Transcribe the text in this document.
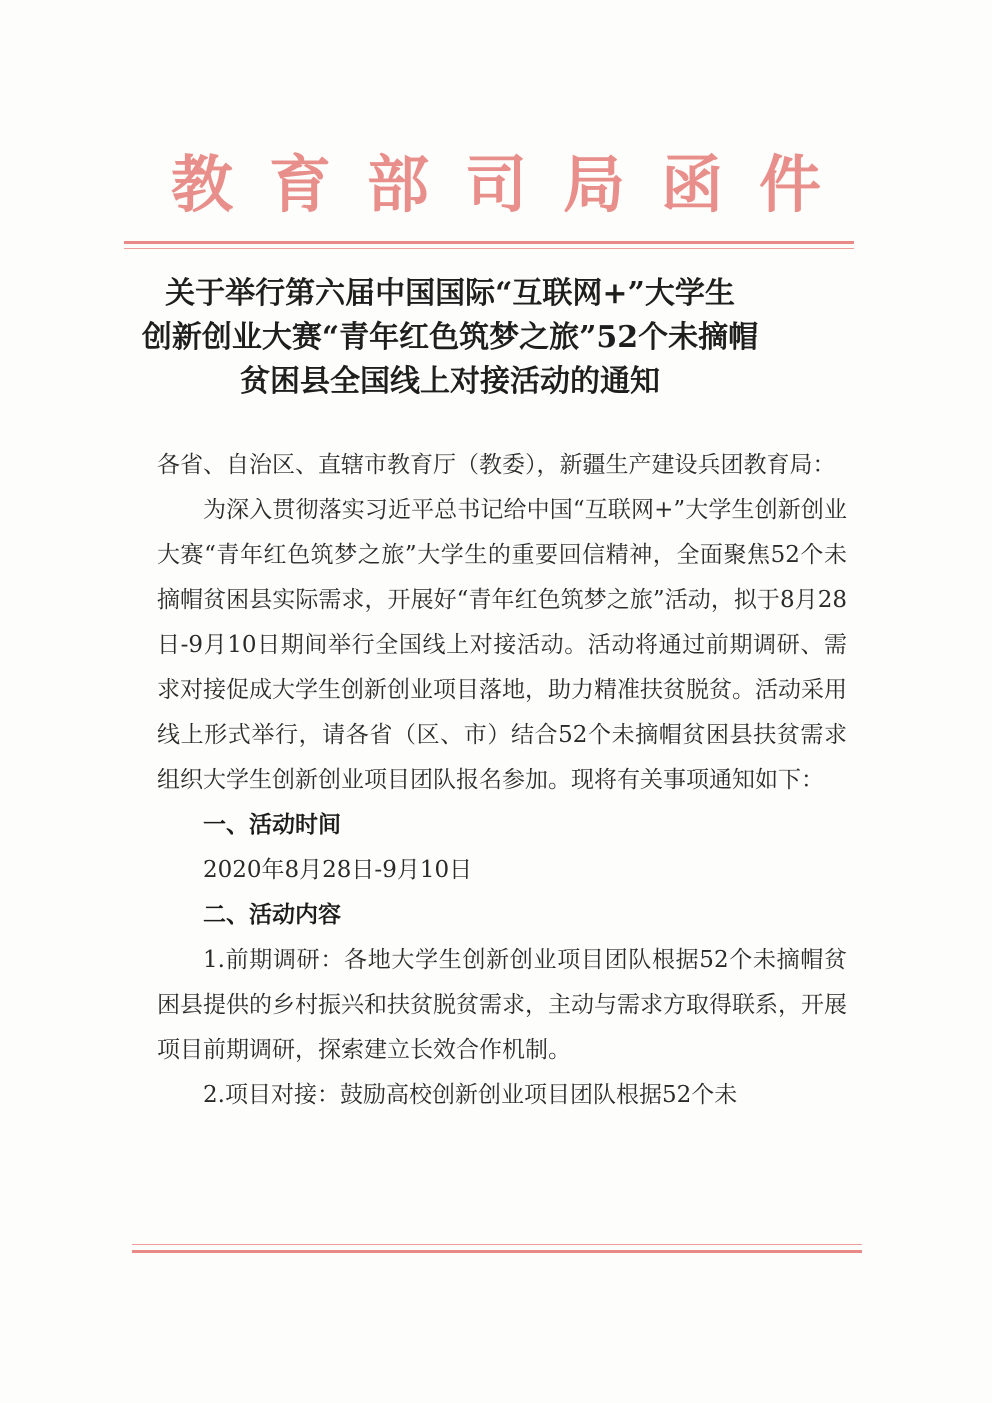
教育部司局函件
关于举行第六届中国国际“互联网+”大学生
创新创业大赛“青年红色筑梦之旅”52个未摘帽
贫困县全国线上对接活动的通知

各省、自治区、直辖市教育厅（教委），新疆生产建设兵团教育局：

为深入贯彻落实习近平总书记给中国“互联网+”大学生创新创业大赛“青年红色筑梦之旅”大学生的重要回信精神，全面聚焦52个未摘帽贫困县实际需求，开展好“青年红色筑梦之旅”活动，拟于8月28日-9月10日期间举行全国线上对接活动。活动将通过前期调研、需求对接促成大学生创新创业项目落地，助力精准扶贫脱贫。活动采用线上形式举行，请各省（区、市）结合52个未摘帽贫困县扶贫需求组织大学生创新创业项目团队报名参加。现将有关事项通知如下：

一、活动时间

2020年8月28日-9月10日

二、活动内容

1.前期调研：各地大学生创新创业项目团队根据52个未摘帽贫困县提供的乡村振兴和扶贫脱贫需求，主动与需求方取得联系，开展项目前期调研，探索建立长效合作机制。

2.项目对接：鼓励高校创新创业项目团队根据52个未
